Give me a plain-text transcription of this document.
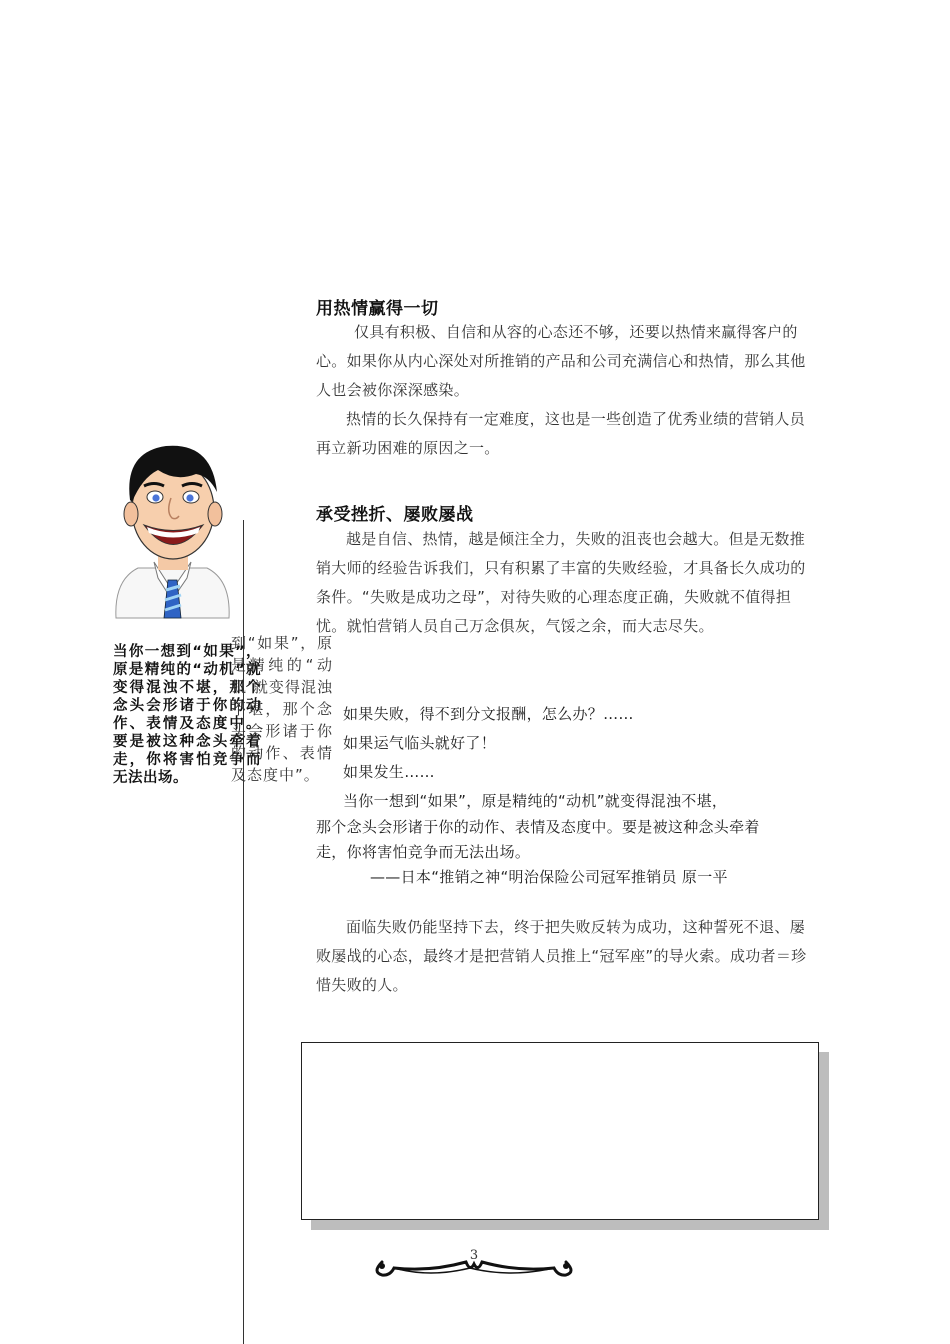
当你一想到“如果”，原是精纯的“动机”就变得混浊不堪，那个念头会形诸于你的动作、表情及态度中。要是被这种念头牵着走，你将害怕竞争而无法出场。
到“如果”，原是精纯的“动机’就变得混浊不堪，那个念头会形诸于你的动作、表情及态度中”。
用热情赢得一切

仅具有积极、自信和从容的心态还不够，还要以热情来赢得客户的心。如果你从内心深处对所推销的产品和公司充满信心和热情，那么其他人也会被你深深感染。

热情的长久保持有一定难度，这也是一些创造了优秀业绩的营销人员再立新功困难的原因之一。

承受挫折、屡败屡战

越是自信、热情，越是倾注全力，失败的沮丧也会越大。但是无数推销大师的经验告诉我们，只有积累了丰富的失败经验，才具备长久成功的条件。“失败是成功之母”，对待失败的心理态度正确，失败就不值得担忧。就怕营销人员自己万念俱灰，气馁之余，而大志尽失。

如果失败，得不到分文报酬，怎么办？……
如果运气临头就好了！
如果发生……
当你一想到“如果”，原是精纯的“动机”就变得混浊不堪，
那个念头会形诸于你的动作、表情及态度中。要是被这种念头牵着
走，你将害怕竞争而无法出场。
——日本“推销之神“明治保险公司冠军推销员 原一平

面临失败仍能坚持下去，终于把失败反转为成功，这种誓死不退、屡败屡战的心态，最终才是把营销人员推上“冠军座”的导火索。成功者＝珍惜失败的人。

3
